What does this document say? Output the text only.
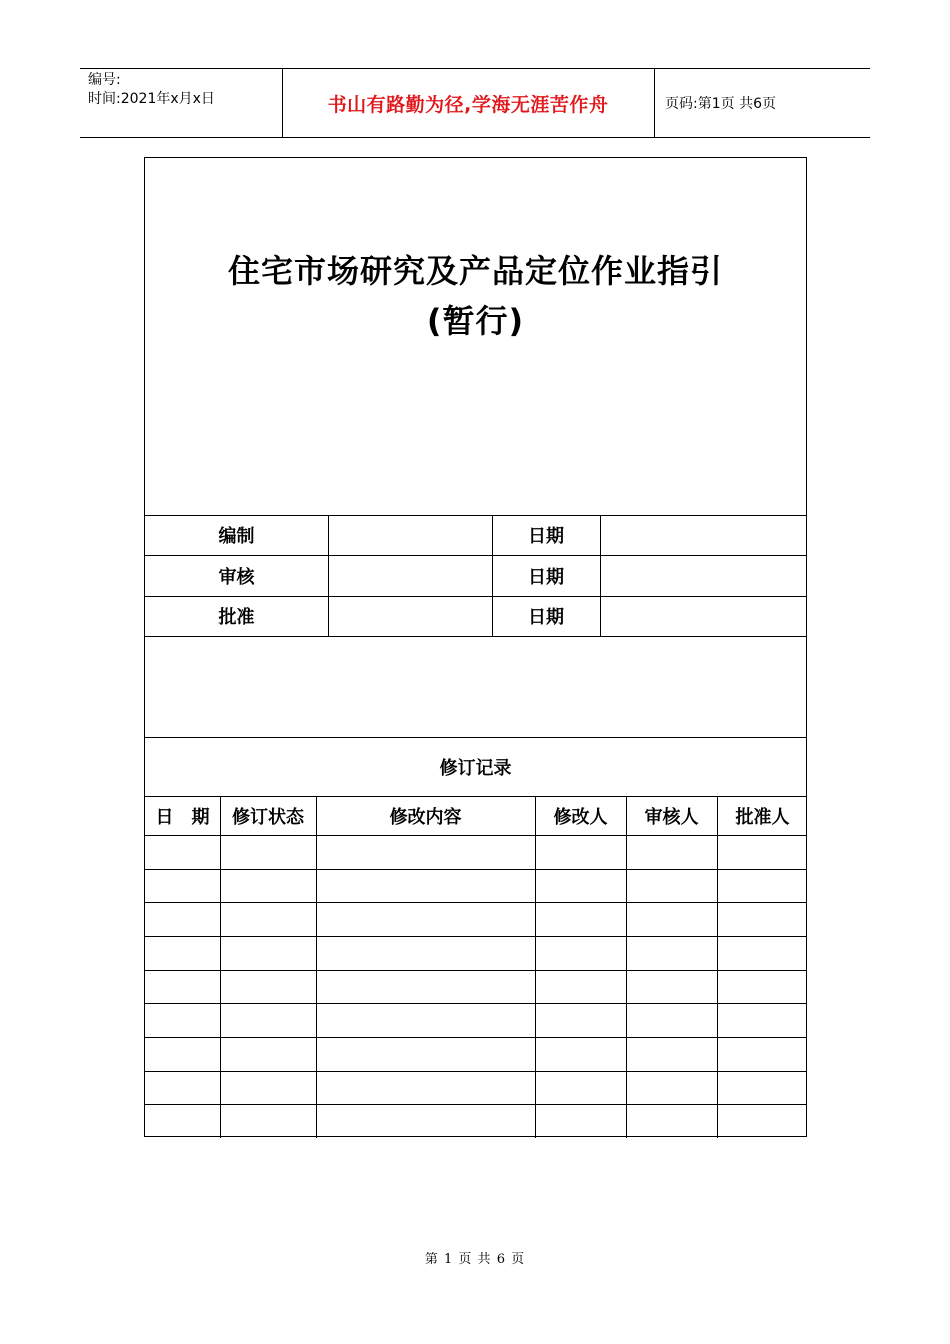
编号:
时间:2021年x月x日	书山有路勤为径,学海无涯苦作舟	页码:第1页 共6页
住宅市场研究及产品定位作业指引
(暂行)
编制	日期
审核	日期
批准	日期
修订记录
日　期	修订状态	修改内容	修改人	审核人	批准人
第 1 页 共 6 页
